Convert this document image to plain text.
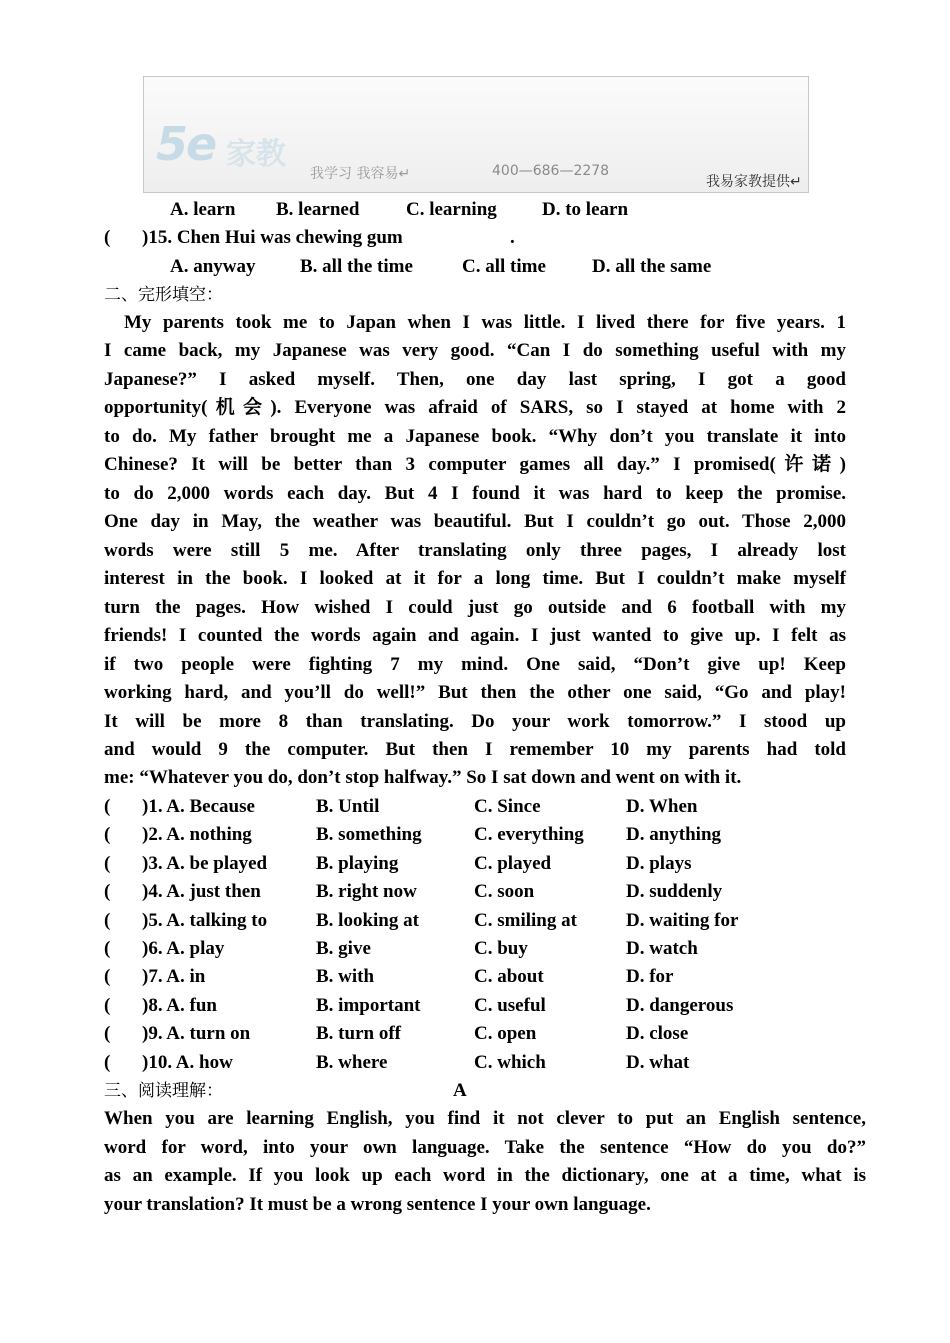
5e 家教
我学习 我容易↵	400—686—2278
我易家教提供↵
A. learn B. learned C. learning D. to learn
( )15. Chen Hui was chewing gum	.
A. anyway B. all the time	C. all time D. all the same
二、完形填空：
My parents took me to Japan when I was little. I lived there for five years. 1
I came back, my Japanese was very good. “Can I do something useful with my
Japanese?” I asked myself. Then, one day last spring, I got a good
opportunity(机会). Everyone was afraid of SARS, so I stayed at home with 2
to do. My father brought me a Japanese book. “Why don’t you translate it into
Chinese? It will be better than 3 computer games all day.” I promised(许诺)
to do 2,000 words each day. But 4 I found it was hard to keep the promise.
One day in May, the weather was beautiful. But I couldn’t go out. Those 2,000
words were still 5 me. After translating only three pages, I already lost
interest in the book. I looked at it for a long time. But I couldn’t make myself
turn the pages. How wished I could just go outside and 6 football with my
friends! I counted the words again and again. I just wanted to give up. I felt as
if two people were fighting 7 my mind. One said, “Don’t give up! Keep
working hard, and you’ll do well!” But then the other one said, “Go and play!
It will be more 8 than translating. Do your work tomorrow.” I stood up
and would 9 the computer. But then I remember 10 my parents had told
me: “Whatever you do, don’t stop halfway.” So I sat down and went on with it.
( )1. A. Because	B. Until	C. Since	D. When
( )2. A. nothing	B. something	C. everything D. anything
( )3. A. be played	B. playing	C. played	D. plays
( )4. A. just then	B. right now	C. soon	D. suddenly
( )5. A. talking to	B. looking at	C. smiling at	D. waiting for
( )6. A. play	B. give	C. buy	D. watch
( )7. A. in	B. with	C. about	D. for
( )8. A. fun	B. important	C. useful	D. dangerous
( )9. A. turn on	B. turn off	C. open	D. close
( )10. A. how	B. where	C. which	D. what
三、阅读理解：	A
When you are learning English, you find it not clever to put an English sentence,
word for word, into your own language. Take the sentence “How do you do?”
as an example. If you look up each word in the dictionary, one at a time, what is
your translation? It must be a wrong sentence I your own language.
